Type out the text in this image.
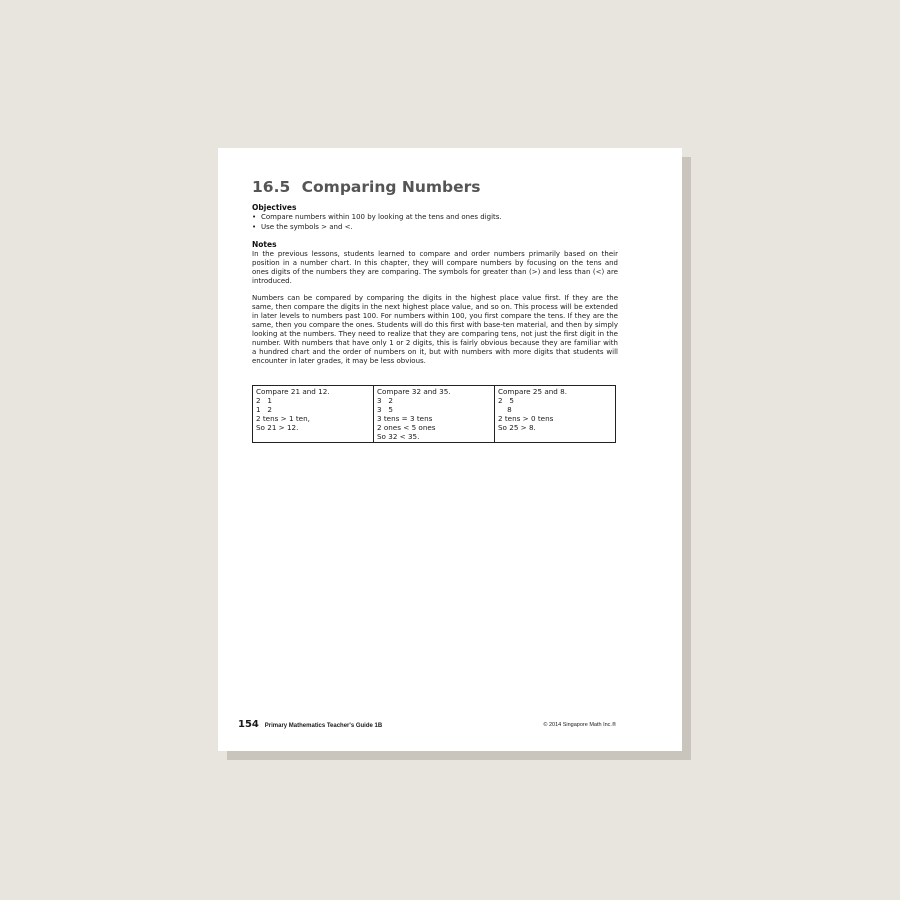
16.5 Comparing Numbers
Objectives
• Compare numbers within 100 by looking at the tens and ones digits.
• Use the symbols > and <.
Notes

In the previous lessons, students learned to compare and order numbers primarily based on their position in a number chart. In this chapter, they will compare numbers by focusing on the tens and ones digits of the numbers they are comparing. The symbols for greater than (>) and less than (<) are introduced.

Numbers can be compared by comparing the digits in the highest place value first. If they are the same, then compare the digits in the next highest place value, and so on. This process will be extended in later levels to numbers past 100. For numbers within 100, you first compare the tens. If they are the same, then you compare the ones. Students will do this first with base-ten material, and then by simply looking at the numbers. They need to realize that they are comparing tens, not just the first digit in the number. With numbers that have only 1 or 2 digits, this is fairly obvious because they are familiar with a hundred chart and the order of numbers on it, but with numbers with more digits that students will encounter in later grades, it may be less obvious.

Compare 21 and 12.
2   1
1   2
2 tens > 1 ten,
So 21 > 12.

Compare 32 and 35.
3   2
3   5
3 tens = 3 tens
2 ones < 5 ones
So 32 < 35.

Compare 25 and 8.
2   5
8
2 tens > 0 tens
So 25 > 8.
154 Primary Mathematics Teacher's Guide 1B	© 2014 Singapore Math Inc.®
